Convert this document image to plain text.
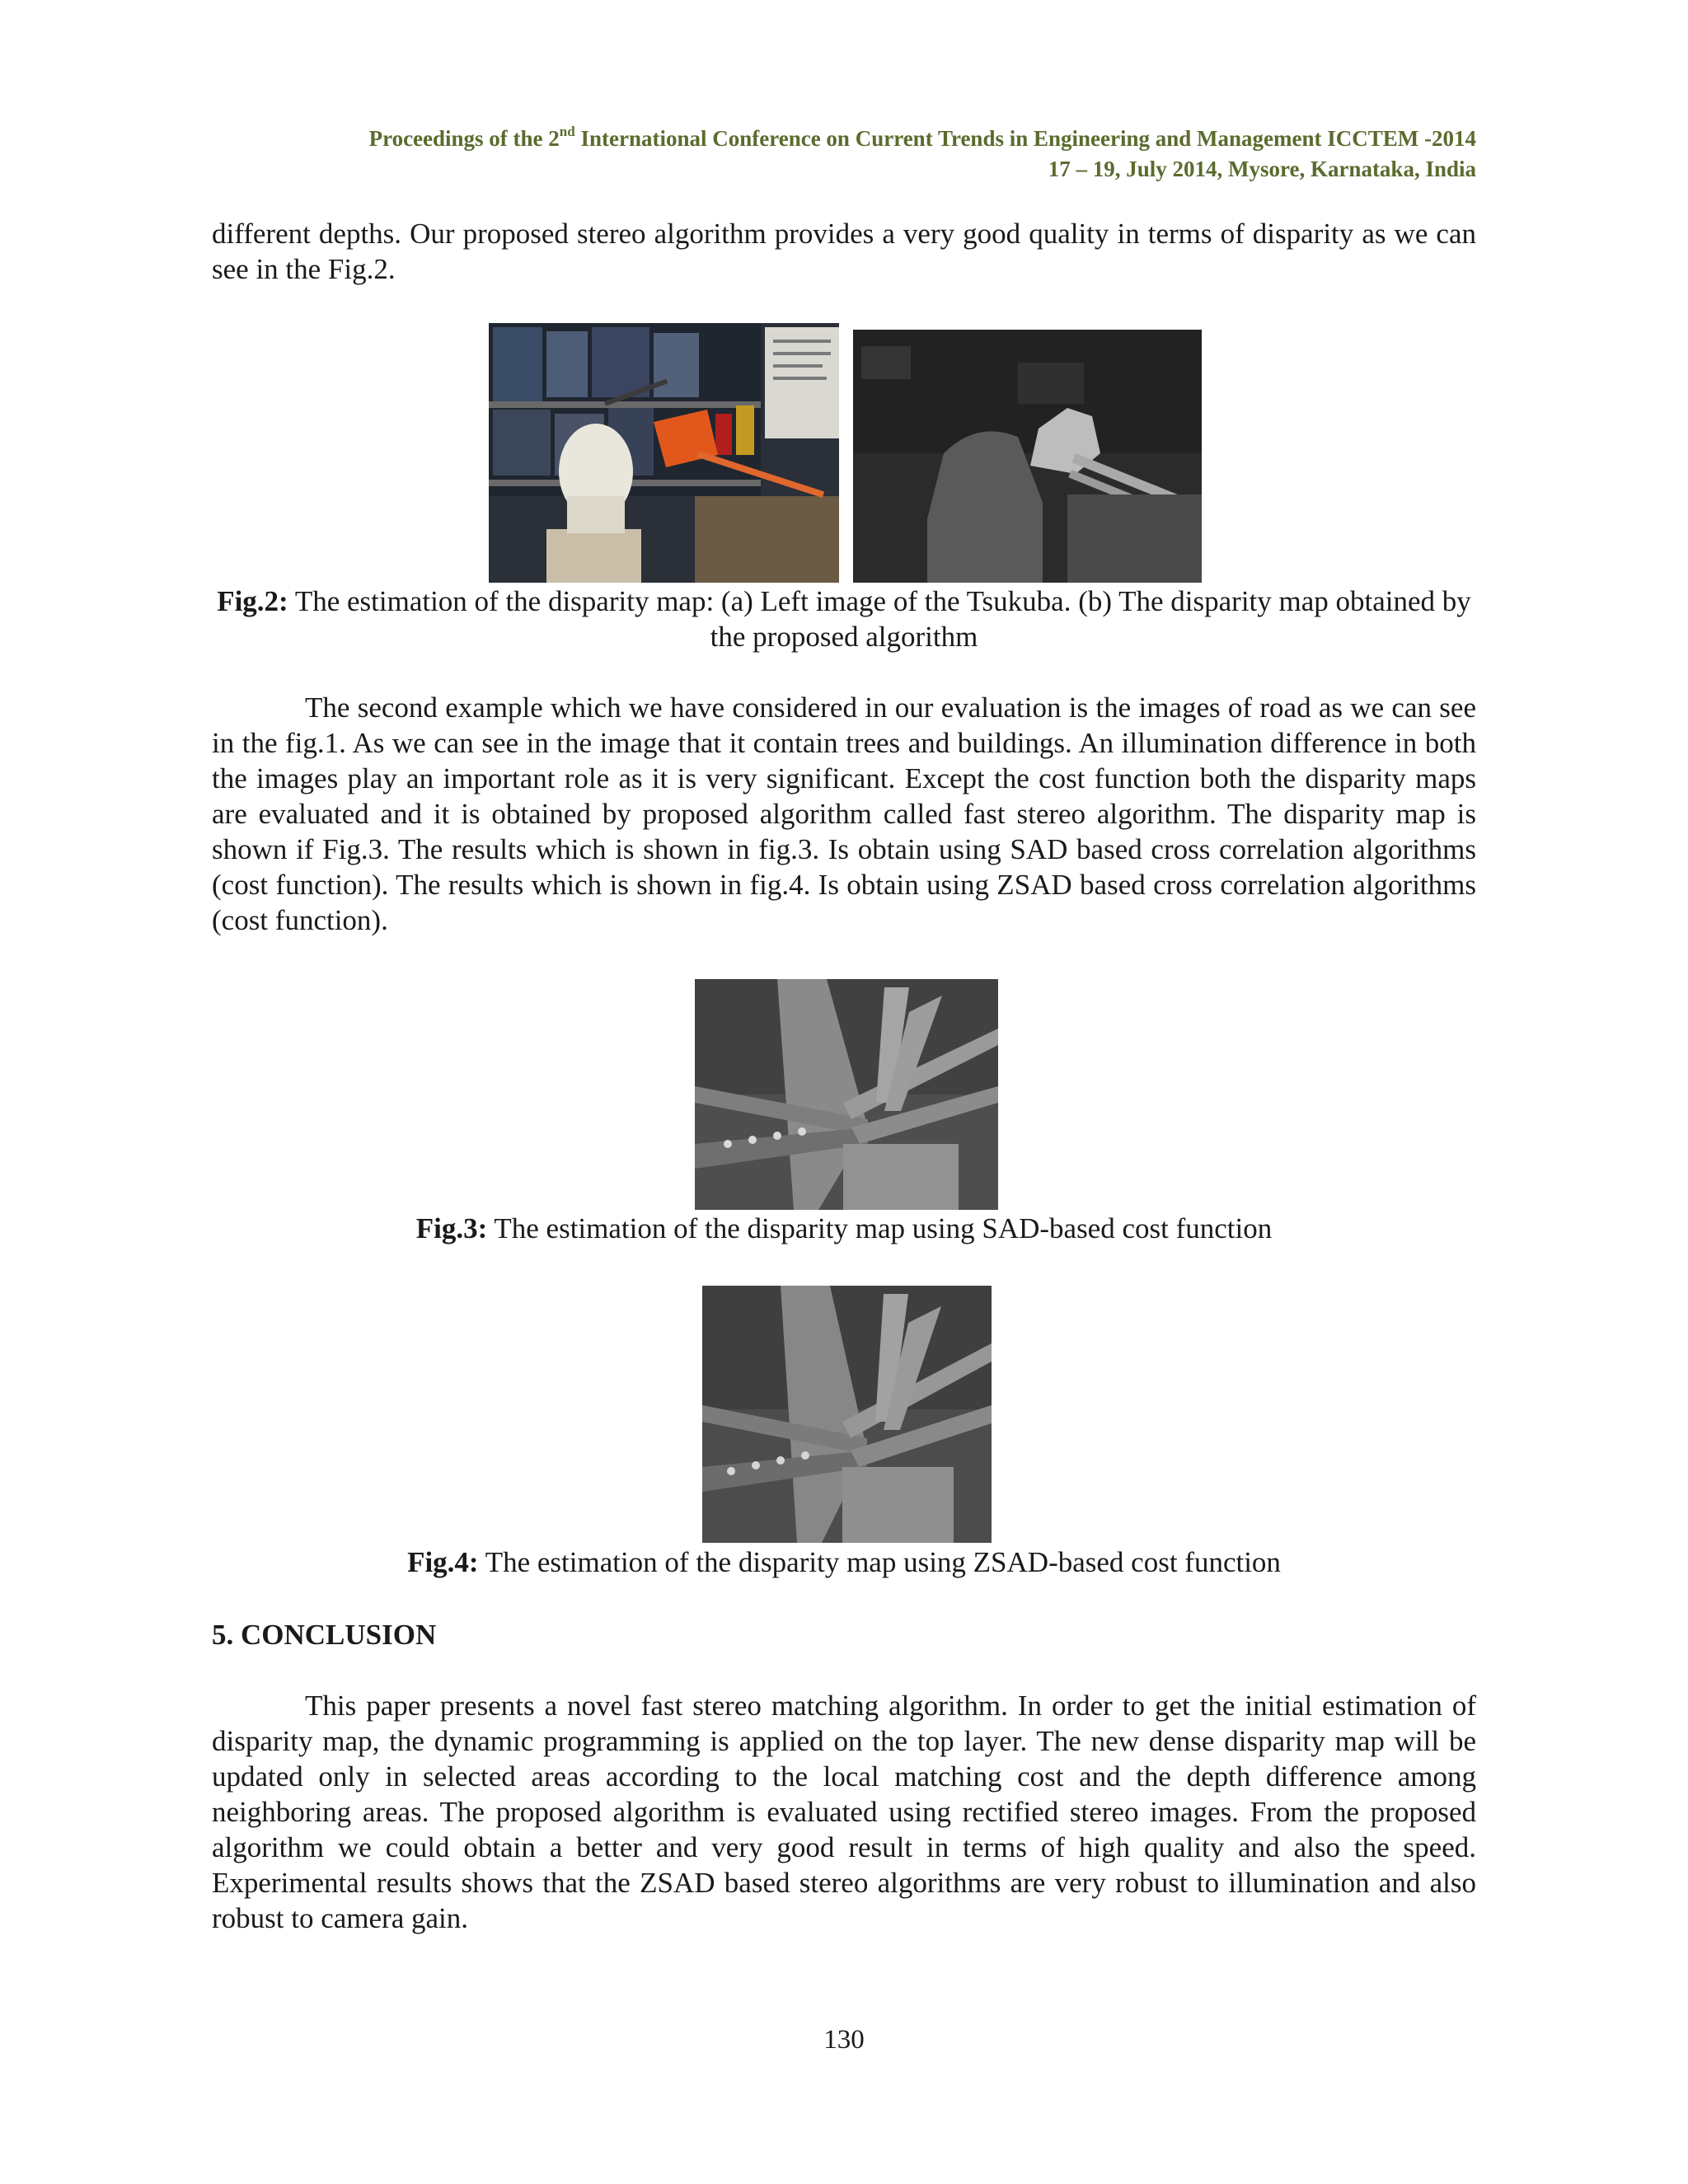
Proceedings of the 2nd International Conference on Current Trends in Engineering and Management ICCTEM -2014
17 – 19, July 2014, Mysore, Karnataka, India

different depths. Our proposed stereo algorithm provides a very good quality in terms of disparity as we can see in the Fig.2.

Fig.2: The estimation of the disparity map: (a) Left image of the Tsukuba. (b) The disparity map obtained by the proposed algorithm

The second example which we have considered in our evaluation is the images of road as we can see in the fig.1. As we can see in the image that it contain trees and buildings. An illumination difference in both the images play an important role as it is very significant. Except the cost function both the disparity maps are evaluated and it is obtained by proposed algorithm called fast stereo algorithm. The disparity map is shown if Fig.3. The results which is shown in fig.3. Is obtain using SAD based cross correlation algorithms (cost function). The results which is shown in fig.4. Is obtain using ZSAD based cross correlation algorithms (cost function).

Fig.3: The estimation of the disparity map using SAD-based cost function

Fig.4: The estimation of the disparity map using ZSAD-based cost function

5. CONCLUSION

This paper presents a novel fast stereo matching algorithm. In order to get the initial estimation of disparity map, the dynamic programming is applied on the top layer. The new dense disparity map will be updated only in selected areas according to the local matching cost and the depth difference among neighboring areas. The proposed algorithm is evaluated using rectified stereo images. From the proposed algorithm we could obtain a better and very good result in terms of high quality and also the speed. Experimental results shows that the ZSAD based stereo algorithms are very robust to illumination and also robust to camera gain.

130
